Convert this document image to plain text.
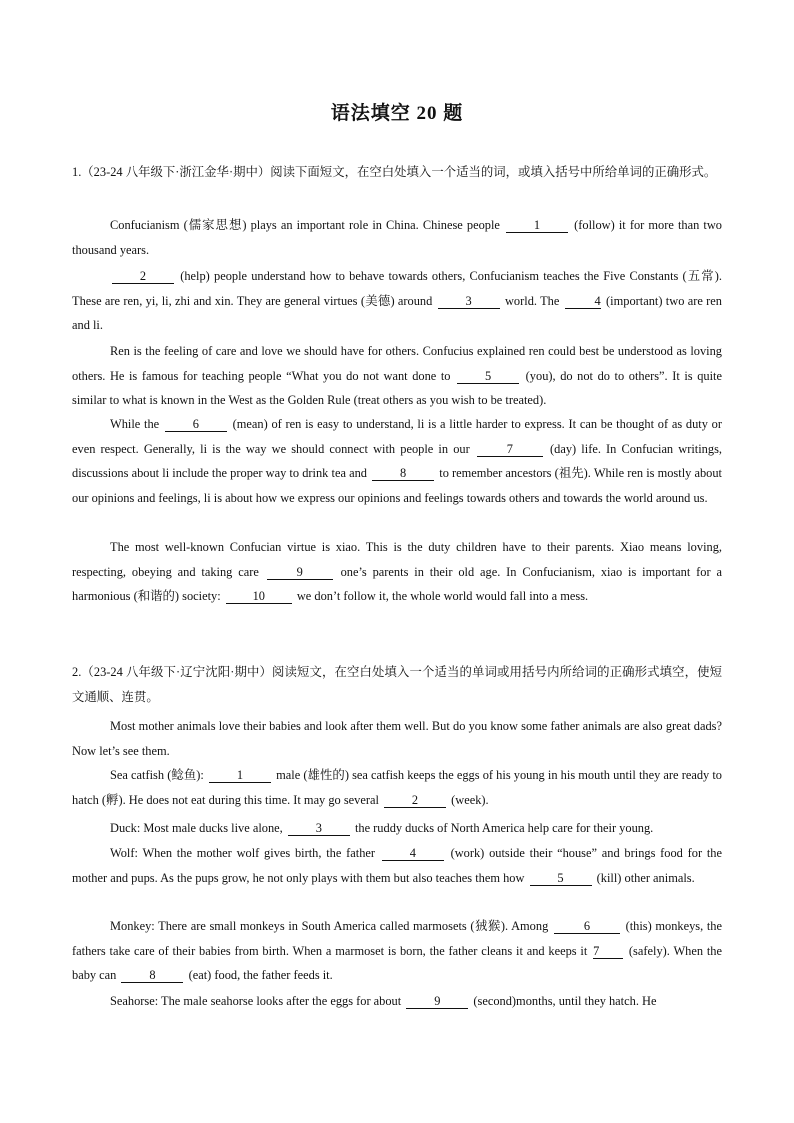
语法填空 20 题

1.（23-24 八年级下·浙江金华·期中）阅读下面短文，在空白处填入一个适当的词，或填入括号中所给单词的正确形式。

Confucianism (儒家思想) plays an important role in China. Chinese people 1 (follow) it for more than two thousand years.

2 (help) people understand how to behave towards others, Confucianism teaches the Five Constants (五常). These are ren, yi, li, zhi and xin. They are general virtues (美德) around 3 world. The	4 (important) two are ren and li.

Ren is the feeling of care and love we should have for others. Confucius explained ren could best be understood as loving others. He is famous for teaching people “What you do not want done to 5 (you), do not do to others”. It is quite similar to what is known in the West as the Golden Rule (treat others as you wish to be treated).

While the 6 (mean) of ren is easy to understand, li is a little harder to express. It can be thought of as duty or even respect. Generally, li is the way we should connect with people in our	7	(day) life. In Confucian writings, discussions about li include the proper way to drink tea and 8 to remember ancestors (祖先). While ren is mostly about our opinions and feelings, li is about how we express our opinions and feelings towards others and towards the world around us.

The most well-known Confucian virtue is xiao. This is the duty children have to their parents. Xiao means loving, respecting, obeying and taking care	9	one’s parents in their old age. In Confucianism, xiao is important for a harmonious (和谐的) society: 10 we don’t follow it, the whole world would fall into a mess.

2.（23-24 八年级下·辽宁沈阳·期中）阅读短文，在空白处填入一个适当的单词或用括号内所给词的正确形式填空，使短文通顺、连贯。

Most mother animals love their babies and look after them well. But do you know some father animals are also great dads? Now let’s see them.

Sea catfish (鲶鱼): 1 male (雄性的) sea catfish keeps the eggs of his young in his mouth until they are ready to hatch (孵). He does not eat during this time. It may go several 2 (week).

Duck: Most male ducks live alone, 3 the ruddy ducks of North America help care for their young.

Wolf: When the mother wolf gives birth, the father 4 (work) outside their “house” and brings food for the mother and pups. As the pups grow, he not only plays with them but also teaches them how 5 (kill) other animals.

Monkey: There are small monkeys in South America called marmosets (狨猴). Among	6	(this) monkeys, the fathers take care of their babies from birth. When a marmoset is born, the father cleans it and keeps it 7 (safely). When the baby can 8 (eat) food, the father feeds it.

Seahorse: The male seahorse looks after the eggs for about 9 (second)months, until they hatch. He
